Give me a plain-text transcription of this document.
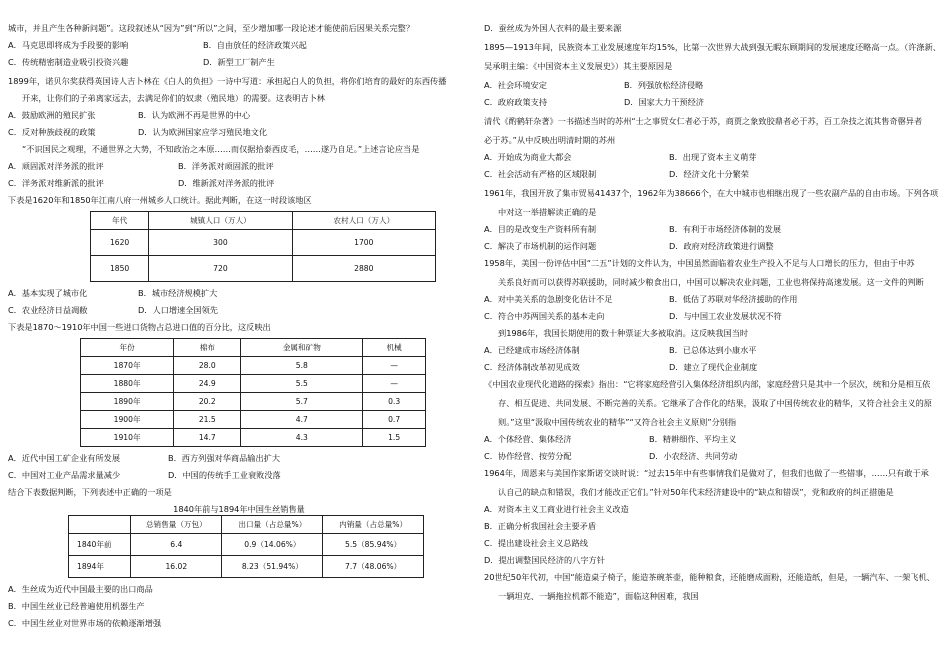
城市，并且产生各种新问题”。这段叙述从“因为”到“所以”之间，至少增加哪一段论述才能使前后因果关系完整？

A．马克思即将成为手段要的影响	B．自由放任的经济政策兴起
C．传统精密制造业吸引投资兴趣	D．新型工厂制产生

1899年，诺贝尔奖获得英国诗人吉卜林在《白人的负担》一诗中写道：承担起白人的负担，将你们培育的最好的东西传播

开来，让你们的子弟离家远去，去满足你们的奴隶（殖民地）的需要。这表明吉卜林

A．鼓励欧洲的殖民扩张	B．认为欧洲不再是世界的中心
C．反对种族歧视的政策	D．认为欧洲国家应学习殖民地文化

“不识国民之观理，不通世界之大势，不知政治之本原……而仅据拾泰西皮毛，……遂乃自足。”上述言论应当是

A．顽固派对洋务派的批评	B．洋务派对顽固派的批评
C．洋务派对维新派的批评	D．维新派对洋务派的批评

下表是1620年和1850年江南八府一州城乡人口统计。据此判断，在这一时段该地区

年代	城镇人口（万人）	农村人口（万人）
1620	300	1700
1850	720	2880
A．基本实现了城市化	B．城市经济规模扩大
C．农业经济日益凋敝	D．人口增速全国领先

下表是1870～1910年中国一些进口货物占总进口值的百分比，这反映出

年份	棉布	金属和矿物	机械
1870年	28.0	5.8	—
1880年	24.9	5.5	—
1890年	20.2	5.7	0.3
1900年	21.5	4.7	0.7
1910年	14.7	4.3	1.5
A．近代中国工矿企业有所发展	B．西方列强对华商品输出扩大
C．中国对工业产品需求量减少	D．中国的传统手工业衰败没落

结合下表数据判断，下列表述中正确的一项是

1840年前与1894年中国生丝销售量

	总销售量（万包）	出口量（占总量%）	内销量（占总量%）
1840年前	6.4	0.9（14.06%）	5.5（85.94%）
1894年	16.02	8.23（51.94%）	7.7（48.06%）

A．生丝成为近代中国最主要的出口商品

B．中国生丝业已经普遍使用机器生产

C．中国生丝业对世界市场的依赖逐渐增强

D．蚕丝成为外国人衣料的最主要来源

1895—1913年间，民族资本工业发展速度年均15%，比第一次世界大战到强无暇东顾期间的发展速度还略高一点。（许涤新、

吴承明主编：《中国资本主义发展史》）其主要原因是

A．社会环境安定	B．列强放松经济侵略
C．政府政策支持	D．国家大力干预经济

清代《酌鹤轩杂著》一书描述当时的苏州“士之事贸女仁者必于苏，商贾之象致胶鼎者必于苏，百工杂技之流其售奇罄异者

必于苏。”从中反映出明清时期的苏州

A．开始成为商业大都会	B．出现了资本主义萌芽
C．社会活动有严格的区域限制	D．经济文化十分繁荣

1961年，我国开放了集市贸易41437个，1962年为38666个，在大中城市也相继出现了一些农副产品的自由市场。下列各项

中对这一举措解读正确的是

A．目的是改变生产资料所有制	B．有利于市场经济体制的发展
C．解决了市场机制的运作问题	D．政府对经济政策进行调整

1958年，美国一份评估中国“二五”计划的文件认为，中国虽然面临着农业生产投入不足与人口增长的压力，但由于中苏

关系良好而可以获得苏联援助，同时减少粮食出口，中国可以解决农业问题，工业也将保持高速发展。这一文件的判断

A．对中美关系的急剧变化估计不足	B．低估了苏联对华经济援助的作用
C．符合中苏两国关系的基本走向	D．与中国工农业发展状况不符

到1986年，我国长期使用的数十种票证大多被取消。这反映我国当时

A．已经建成市场经济体制	B．已总体达到小康水平
C．经济体制改革初见成效	D．建立了现代企业制度

《中国农业现代化道路的探索》指出：“它将家庭经营引入集体经济组织内部，家庭经营只是其中一个层次，统和分是相互依

存、相互促进、共同发展、不断完善的关系。它继承了合作化的结果，汲取了中国传统农业的精华，又符合社会主义的原

则。”这里“汲取中国传统农业的精华”“又符合社会主义原则”分别指

A．个体经营、集体经济	B．精耕细作、平均主义
C．协作经营、按劳分配	D．小农经济、共同劳动

1964年，周恩来与美国作家斯诺交谈时说：“过去15年中有些事情我们是做对了，但我们也做了一些错事，……只有敢于承

认自己的缺点和错误，我们才能改正它们。”针对50年代末经济建设中的“缺点和错误”，党和政府的纠正措施是

A．对资本主义工商业进行社会主义改造

B．正确分析我国社会主要矛盾

C．提出建设社会主义总路线

D．提出调整国民经济的八字方针

20世纪50年代初，中国“能造桌子椅子，能造茶碗茶壶，能种粮食，还能磨成面粉，还能造纸，但是，一辆汽车、一架飞机、

一辆坦克、一辆拖拉机都不能造”，面临这种困难，我国
